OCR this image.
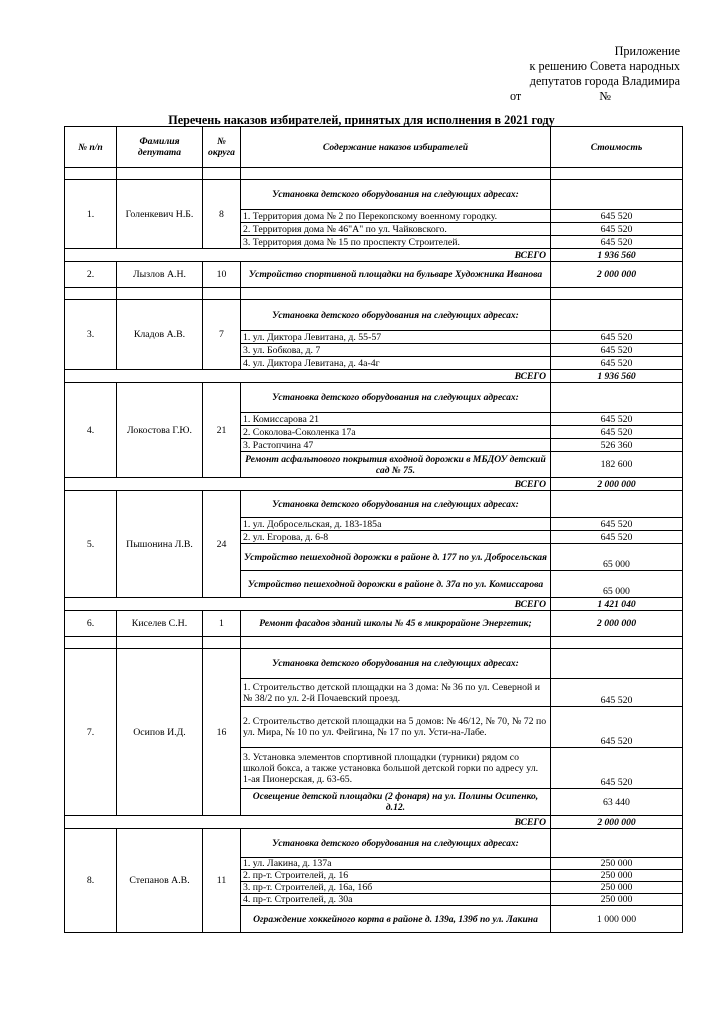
Приложение
к решению Совета народных
депутатов города Владимира
от	№
Перечень наказов избирателей, принятых для исполнения в 2021 году
№ п/п	Фамилия депутата	№ округа	Содержание наказов избирателей	Стоимость

1.	Голенкевич Н.Б.	8	Установка детского оборудования на следующих адресах:	
			1. Территория дома № 2 по Перекопскому военному городку.	645 520
			2. Территория дома № 46"А" по ул. Чайковского.	645 520
			3. Территория дома № 15 по проспекту Строителей.	645 520
ВСЕГО				1 936 560
2.	Лызлов А.Н.	10	Устройство спортивной площадки на бульваре Художника Иванова	2 000 000

3.	Кладов А.В.	7	Установка детского оборудования на следующих адресах:	
			1. ул. Диктора Левитана, д. 55-57	645 520
			3. ул. Бобкова, д. 7	645 520
			4. ул. Диктора Левитана, д. 4а-4г	645 520
ВСЕГО				1 936 560
4.	Локостова Г.Ю.	21	Установка детского оборудования на следующих адресах:	
			1. Комиссарова 21	645 520
			2. Соколова-Соколенка 17а	645 520
			3. Растопчина 47	526 360
			Ремонт асфальтового покрытия входной дорожки в МБДОУ детский сад № 75.	182 600
ВСЕГО				2 000 000
5.	Пышонина Л.В.	24	Установка детского оборудования на следующих адресах:	
			1. ул. Добросельская, д. 183-185а	645 520
			2. ул. Егорова, д. 6-8	645 520
			Устройство пешеходной дорожки в районе д. 177 по ул. Добросельская	65 000
			Устройство пешеходной дорожки в районе д. 37а по ул. Комиссарова	65 000
ВСЕГО				1 421 040
6.	Киселев С.Н.	1	Ремонт фасадов зданий школы № 45 в микрорайоне Энергетик;	2 000 000

7.	Осипов И.Д.	16	Установка детского оборудования на следующих адресах:	
			1. Строительство детской площадки на 3 дома: № 36 по ул. Северной и № 38/2 по ул. 2-й Почаевский проезд.	645 520
			2. Строительство детской площадки на 5 домов: № 46/12, № 70, № 72 по ул. Мира, № 10 по ул. Фейгина, № 17 по ул. Усти-на-Лабе.	645 520
			3. Установка элементов спортивной площадки (турники) рядом со школой бокса, а также установка большой детской горки по адресу ул. 1-ая Пионерская, д. 63-65.	645 520
			Освещение детской площадки (2 фонаря) на ул. Полины Осипенко, д.12.	63 440
ВСЕГО				2 000 000
8.	Степанов А.В.	11	Установка детского оборудования на следующих адресах:	
			1. ул. Лакина, д. 137а	250 000
			2. пр-т. Строителей, д. 16	250 000
			3. пр-т. Строителей, д. 16а, 16б	250 000
			4. пр-т. Строителей, д. 30а	250 000
			Ограждение хоккейного корта в районе д. 139а, 139б по ул. Лакина	1 000 000
